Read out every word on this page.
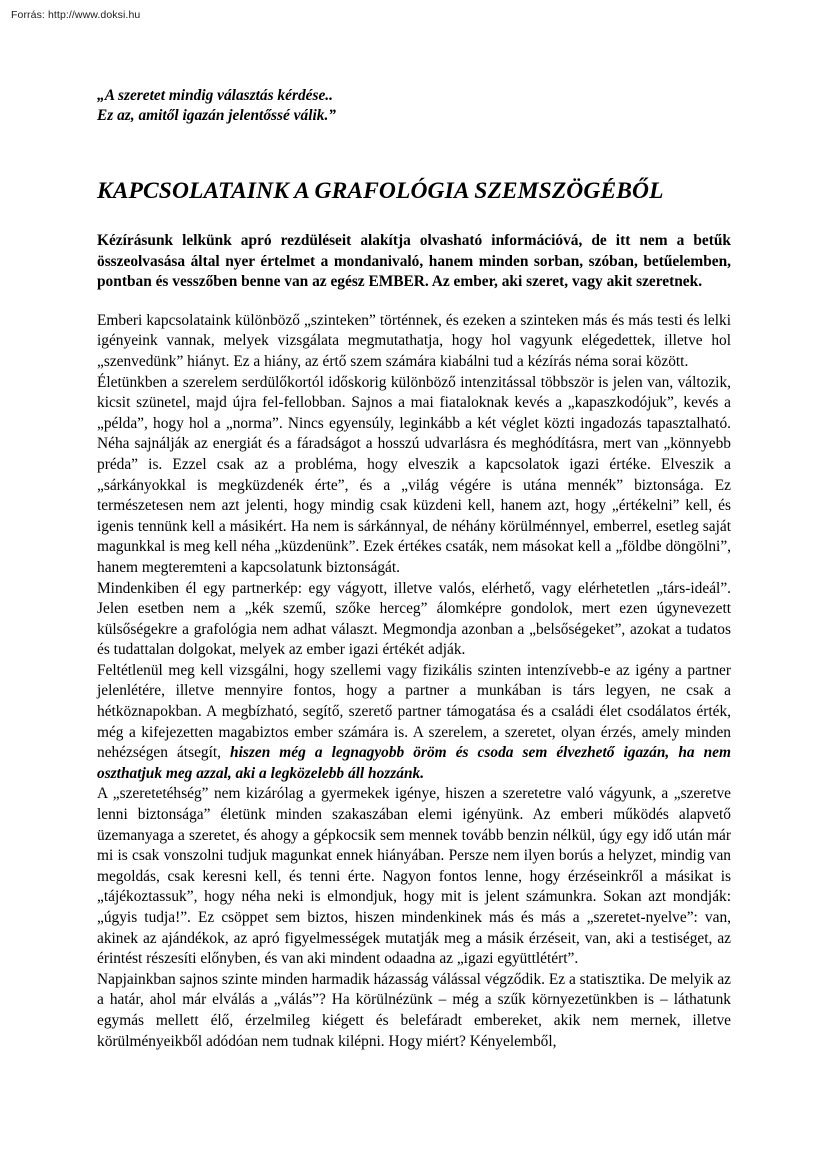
Forrás: http://www.doksi.hu
„A szeretet mindig választás kérdése..
Ez az, amitől igazán jelentőssé válik.”
KAPCSOLATAINK A GRAFOLÓGIA SZEMSZÖGÉBŐL

Kézírásunk lelkünk apró rezdüléseit alakítja olvasható információvá, de itt nem a betűk összeolvasása által nyer értelmet a mondanivaló, hanem minden sorban, szóban, betűelemben, pontban és vesszőben benne van az egész EMBER. Az ember, aki szeret, vagy akit szeretnek.

Emberi kapcsolataink különböző „szinteken” történnek, és ezeken a szinteken más és más testi és lelki igényeink vannak, melyek vizsgálata megmutathatja, hogy hol vagyunk elégedettek, illetve hol „szenvedünk” hiányt. Ez a hiány, az értő szem számára kiabálni tud a kézírás néma sorai között.

Életünkben a szerelem serdülőkortól időskorig különböző intenzitással többször is jelen van, változik, kicsit szünetel, majd újra fel-fellobban. Sajnos a mai fiataloknak kevés a „kapaszkodójuk”, kevés a „példa”, hogy hol a „norma”. Nincs egyensúly, leginkább a két véglet közti ingadozás tapasztalható. Néha sajnálják az energiát és a fáradságot a hosszú udvarlásra és meghódításra, mert van „könnyebb préda” is. Ezzel csak az a probléma, hogy elveszik a kapcsolatok igazi értéke. Elveszik a „sárkányokkal is megküzdenék érte”, és a „világ végére is utána mennék” biztonsága. Ez természetesen nem azt jelenti, hogy mindig csak küzdeni kell, hanem azt, hogy „értékelni” kell, és igenis tennünk kell a másikért. Ha nem is sárkánnyal, de néhány körülménnyel, emberrel, esetleg saját magunkkal is meg kell néha „küzdenünk”. Ezek értékes csaták, nem másokat kell a „földbe döngölni”, hanem megteremteni a kapcsolatunk biztonságát.

Mindenkiben él egy partnerkép: egy vágyott, illetve valós, elérhető, vagy elérhetetlen „társ-ideál”. Jelen esetben nem a „kék szemű, szőke herceg” álomképre gondolok, mert ezen úgynevezett külsőségekre a grafológia nem adhat választ. Megmondja azonban a „belsőségeket”, azokat a tudatos és tudattalan dolgokat, melyek az ember igazi értékét adják.

Feltétlenül meg kell vizsgálni, hogy szellemi vagy fizikális szinten intenzívebb-e az igény a partner jelenlétére, illetve mennyire fontos, hogy a partner a munkában is társ legyen, ne csak a hétköznapokban. A megbízható, segítő, szerető partner támogatása és a családi élet csodálatos érték, még a kifejezetten magabiztos ember számára is. A szerelem, a szeretet, olyan érzés, amely minden nehézségen átsegít, hiszen még a legnagyobb öröm és csoda sem élvezhető igazán, ha nem oszthatjuk meg azzal, aki a legközelebb áll hozzánk.

A „szeretetéhség” nem kizárólag a gyermekek igénye, hiszen a szeretetre való vágyunk, a „szeretve lenni biztonsága” életünk minden szakaszában elemi igényünk. Az emberi működés alapvető üzemanyaga a szeretet, és ahogy a gépkocsik sem mennek tovább benzin nélkül, úgy egy idő után már mi is csak vonszolni tudjuk magunkat ennek hiányában. Persze nem ilyen borús a helyzet, mindig van megoldás, csak keresni kell, és tenni érte. Nagyon fontos lenne, hogy érzéseinkről a másikat is „tájékoztassuk”, hogy néha neki is elmondjuk, hogy mit is jelent számunkra. Sokan azt mondják: „úgyis tudja!”. Ez csöppet sem biztos, hiszen mindenkinek más és más a „szeretet-nyelve”: van, akinek az ajándékok, az apró figyelmességek mutatják meg a másik érzéseit, van, aki a testiséget, az érintést részesíti előnyben, és van aki mindent odaadna az „igazi együttlétért”.

Napjainkban sajnos szinte minden harmadik házasság válással végződik. Ez a statisztika. De melyik az a határ, ahol már elválás a „válás”? Ha körülnézünk – még a szűk környezetünkben is – láthatunk egymás mellett élő, érzelmileg kiégett és belefáradt embereket, akik nem mernek, illetve körülményeikből adódóan nem tudnak kilépni. Hogy miért? Kényelemből,
